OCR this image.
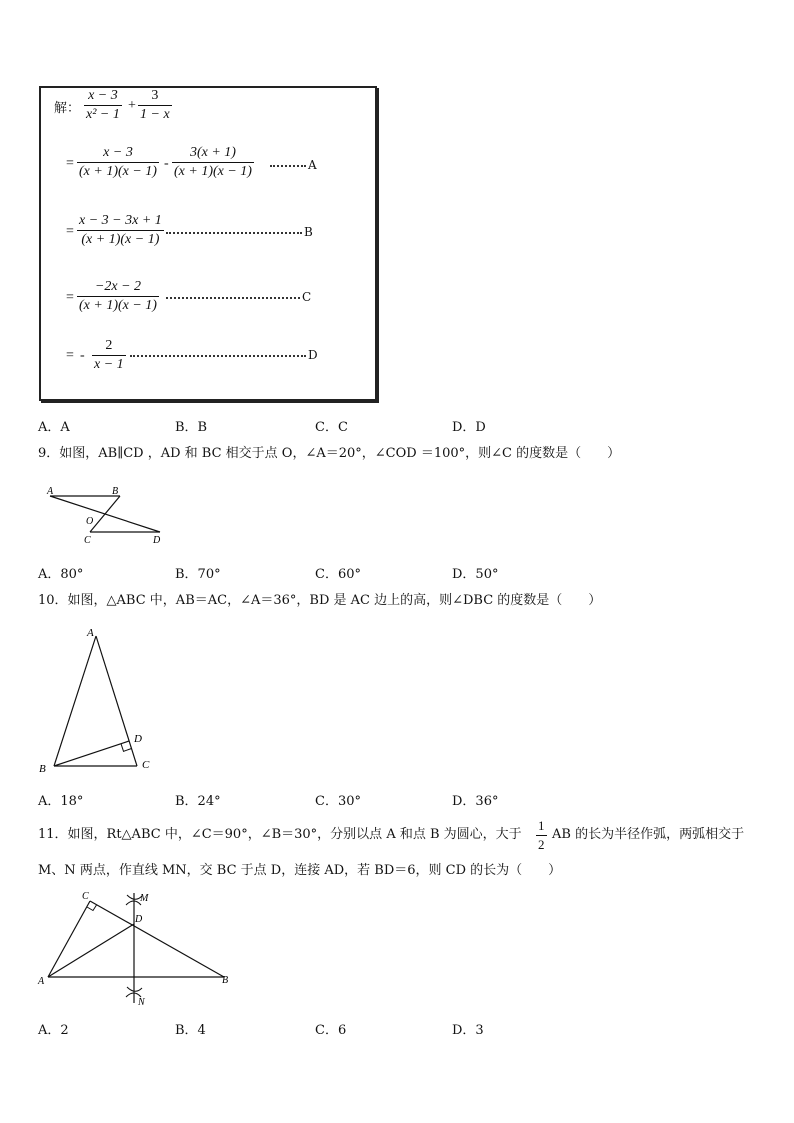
解： $\frac{x - 3}{\text{x² − 1}} + \frac{3}{1 - x}$
= $\frac{x - 3}{(x + 1)(x - 1)} - \frac{3(x + 1)}{(x + 1)(x - 1)}$	A
= $\frac{x - 3 - 3x + 1}{(x + 1)(x - 1)}$	B
= $\frac{-2x - 2}{(x + 1)(x - 1)}$	C
= - $\frac{2}{x - 1}$	D
A．A	B．B	C．C	D．D
9．如图，AB∥CD ，AD 和 BC 相交于点 O，∠A＝20°，∠COD ＝100°，则∠C 的度数是（　　）
A	B
O
C	D
A．80°	B．70°	C．60°	D．50°
10．如图，△ABC 中，AB＝AC，∠A＝36°，BD 是 AC 边上的高，则∠DBC 的度数是（　　）
A
B	C
D
A．18°	B．24°	C．30°	D．36°
11．如图，Rt△ABC 中，∠C＝90°，∠B＝30°，分别以点 A 和点 B 为圆心，大于 $\frac{1}{2}$ AB 的长为半径作弧，两弧相交于
M、N 两点，作直线 MN，交 BC 于点 D，连接 AD，若 BD＝6，则 CD 的长为（　　）
C	M
D
A	B
N
A．2	B．4	C．6	D．3
